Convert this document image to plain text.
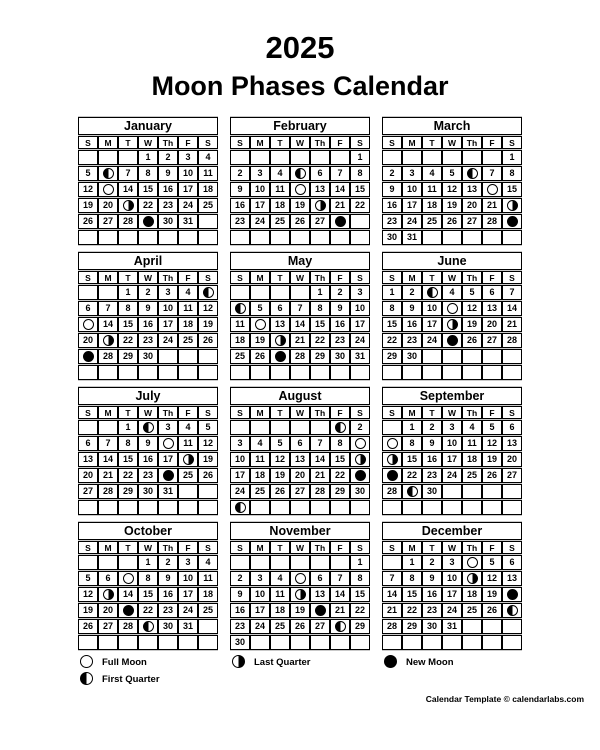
2025
Moon Phases Calendar
January						
S	M	T	W	Th	F	S
			1	2	3	4
5		7	8	9	10	11
12		14	15	16	17	18
19	20		22	23	24	25
26	27	28		30	31	

February						
S	M	T	W	Th	F	S
						1
2	3	4		6	7	8
9	10	11		13	14	15
16	17	18	19		21	22
23	24	25	26	27		

March						
S	M	T	W	Th	F	S
						1
2	3	4	5		7	8
9	10	11	12	13		15
16	17	18	19	20	21	
23	24	25	26	27	28	
30	31					
April						
S	M	T	W	Th	F	S
		1	2	3	4	
6	7	8	9	10	11	12
	14	15	16	17	18	19
20		22	23	24	25	26
	28	29	30			

May						
S	M	T	W	Th	F	S
				1	2	3
	5	6	7	8	9	10
11		13	14	15	16	17
18	19		21	22	23	24
25	26		28	29	30	31

June						
S	M	T	W	Th	F	S
1	2		4	5	6	7
8	9	10		12	13	14
15	16	17		19	20	21
22	23	24		26	27	28
29	30					

July						
S	M	T	W	Th	F	S
		1		3	4	5
6	7	8	9		11	12
13	14	15	16	17		19
20	21	22	23		25	26
27	28	29	30	31		

August						
S	M	T	W	Th	F	S
						2
3	4	5	6	7	8	
10	11	12	13	14	15	
17	18	19	20	21	22	
24	25	26	27	28	29	30

September						
S	M	T	W	Th	F	S
	1	2	3	4	5	6
	8	9	10	11	12	13
	15	16	17	18	19	20
	22	23	24	25	26	27
28		30				

October						
S	M	T	W	Th	F	S
			1	2	3	4
5	6		8	9	10	11
12		14	15	16	17	18
19	20		22	23	24	25
26	27	28		30	31	

November						
S	M	T	W	Th	F	S
						1
2	3	4		6	7	8
9	10	11		13	14	15
16	17	18	19		21	22
23	24	25	26	27		29
30						
December						
S	M	T	W	Th	F	S
	1	2	3		5	6
7	8	9	10		12	13
14	15	16	17	18	19	
21	22	23	24	25	26	
28	29	30	31			

Full Moon
First Quarter
Last Quarter	New Moon
Calendar Template © calendarlabs.com
